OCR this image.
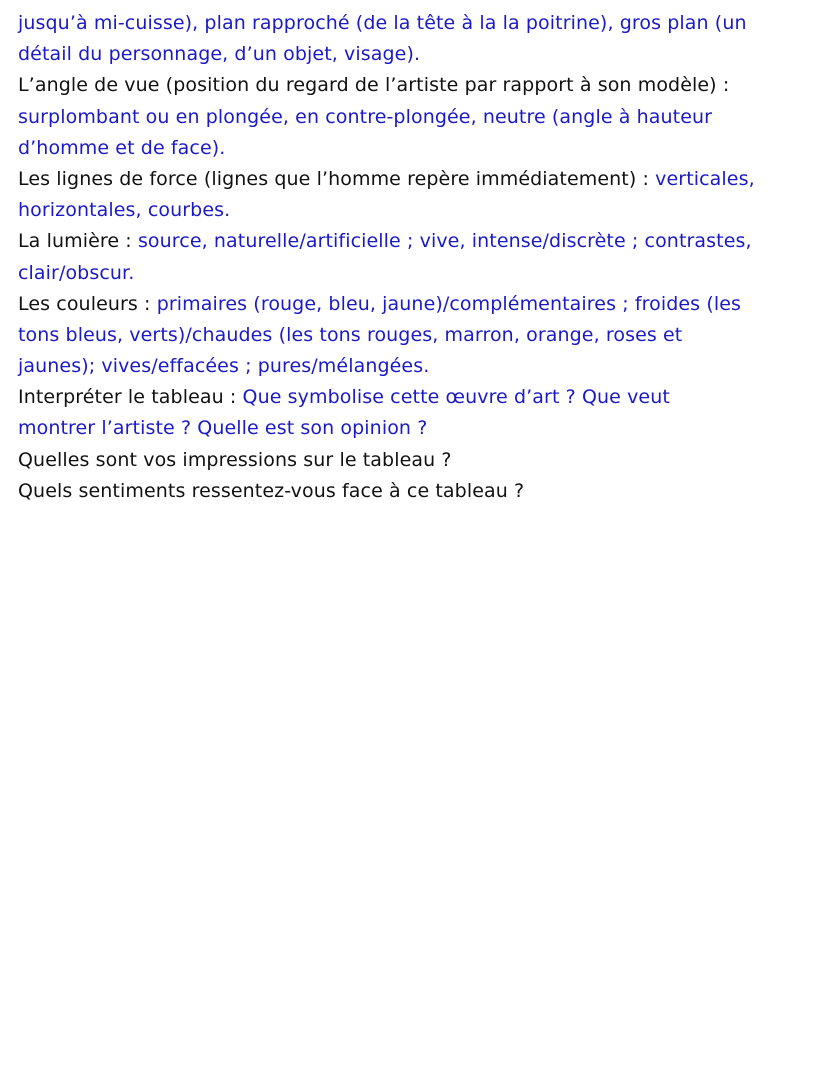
jusqu’à mi-cuisse), plan rapproché (de la tête à la la poitrine), gros plan (un
détail du personnage, d’un objet, visage).
L’angle de vue (position du regard de l’artiste par rapport à son modèle) :
surplombant ou en plongée, en contre-plongée, neutre (angle à hauteur
d’homme et de face).
Les lignes de force (lignes que l’homme repère immédiatement) : verticales,
horizontales, courbes.
La lumière : source, naturelle/artificielle ; vive, intense/discrète ; contrastes,
clair/obscur.
Les couleurs : primaires (rouge, bleu, jaune)/complémentaires ; froides (les
tons bleus, verts)/chaudes (les tons rouges, marron, orange, roses et
jaunes); vives/effacées ; pures/mélangées.
Interpréter le tableau : Que symbolise cette œuvre d’art ? Que veut
montrer l’artiste ? Quelle est son opinion ?
Quelles sont vos impressions sur le tableau ?
Quels sentiments ressentez-vous face à ce tableau ?
